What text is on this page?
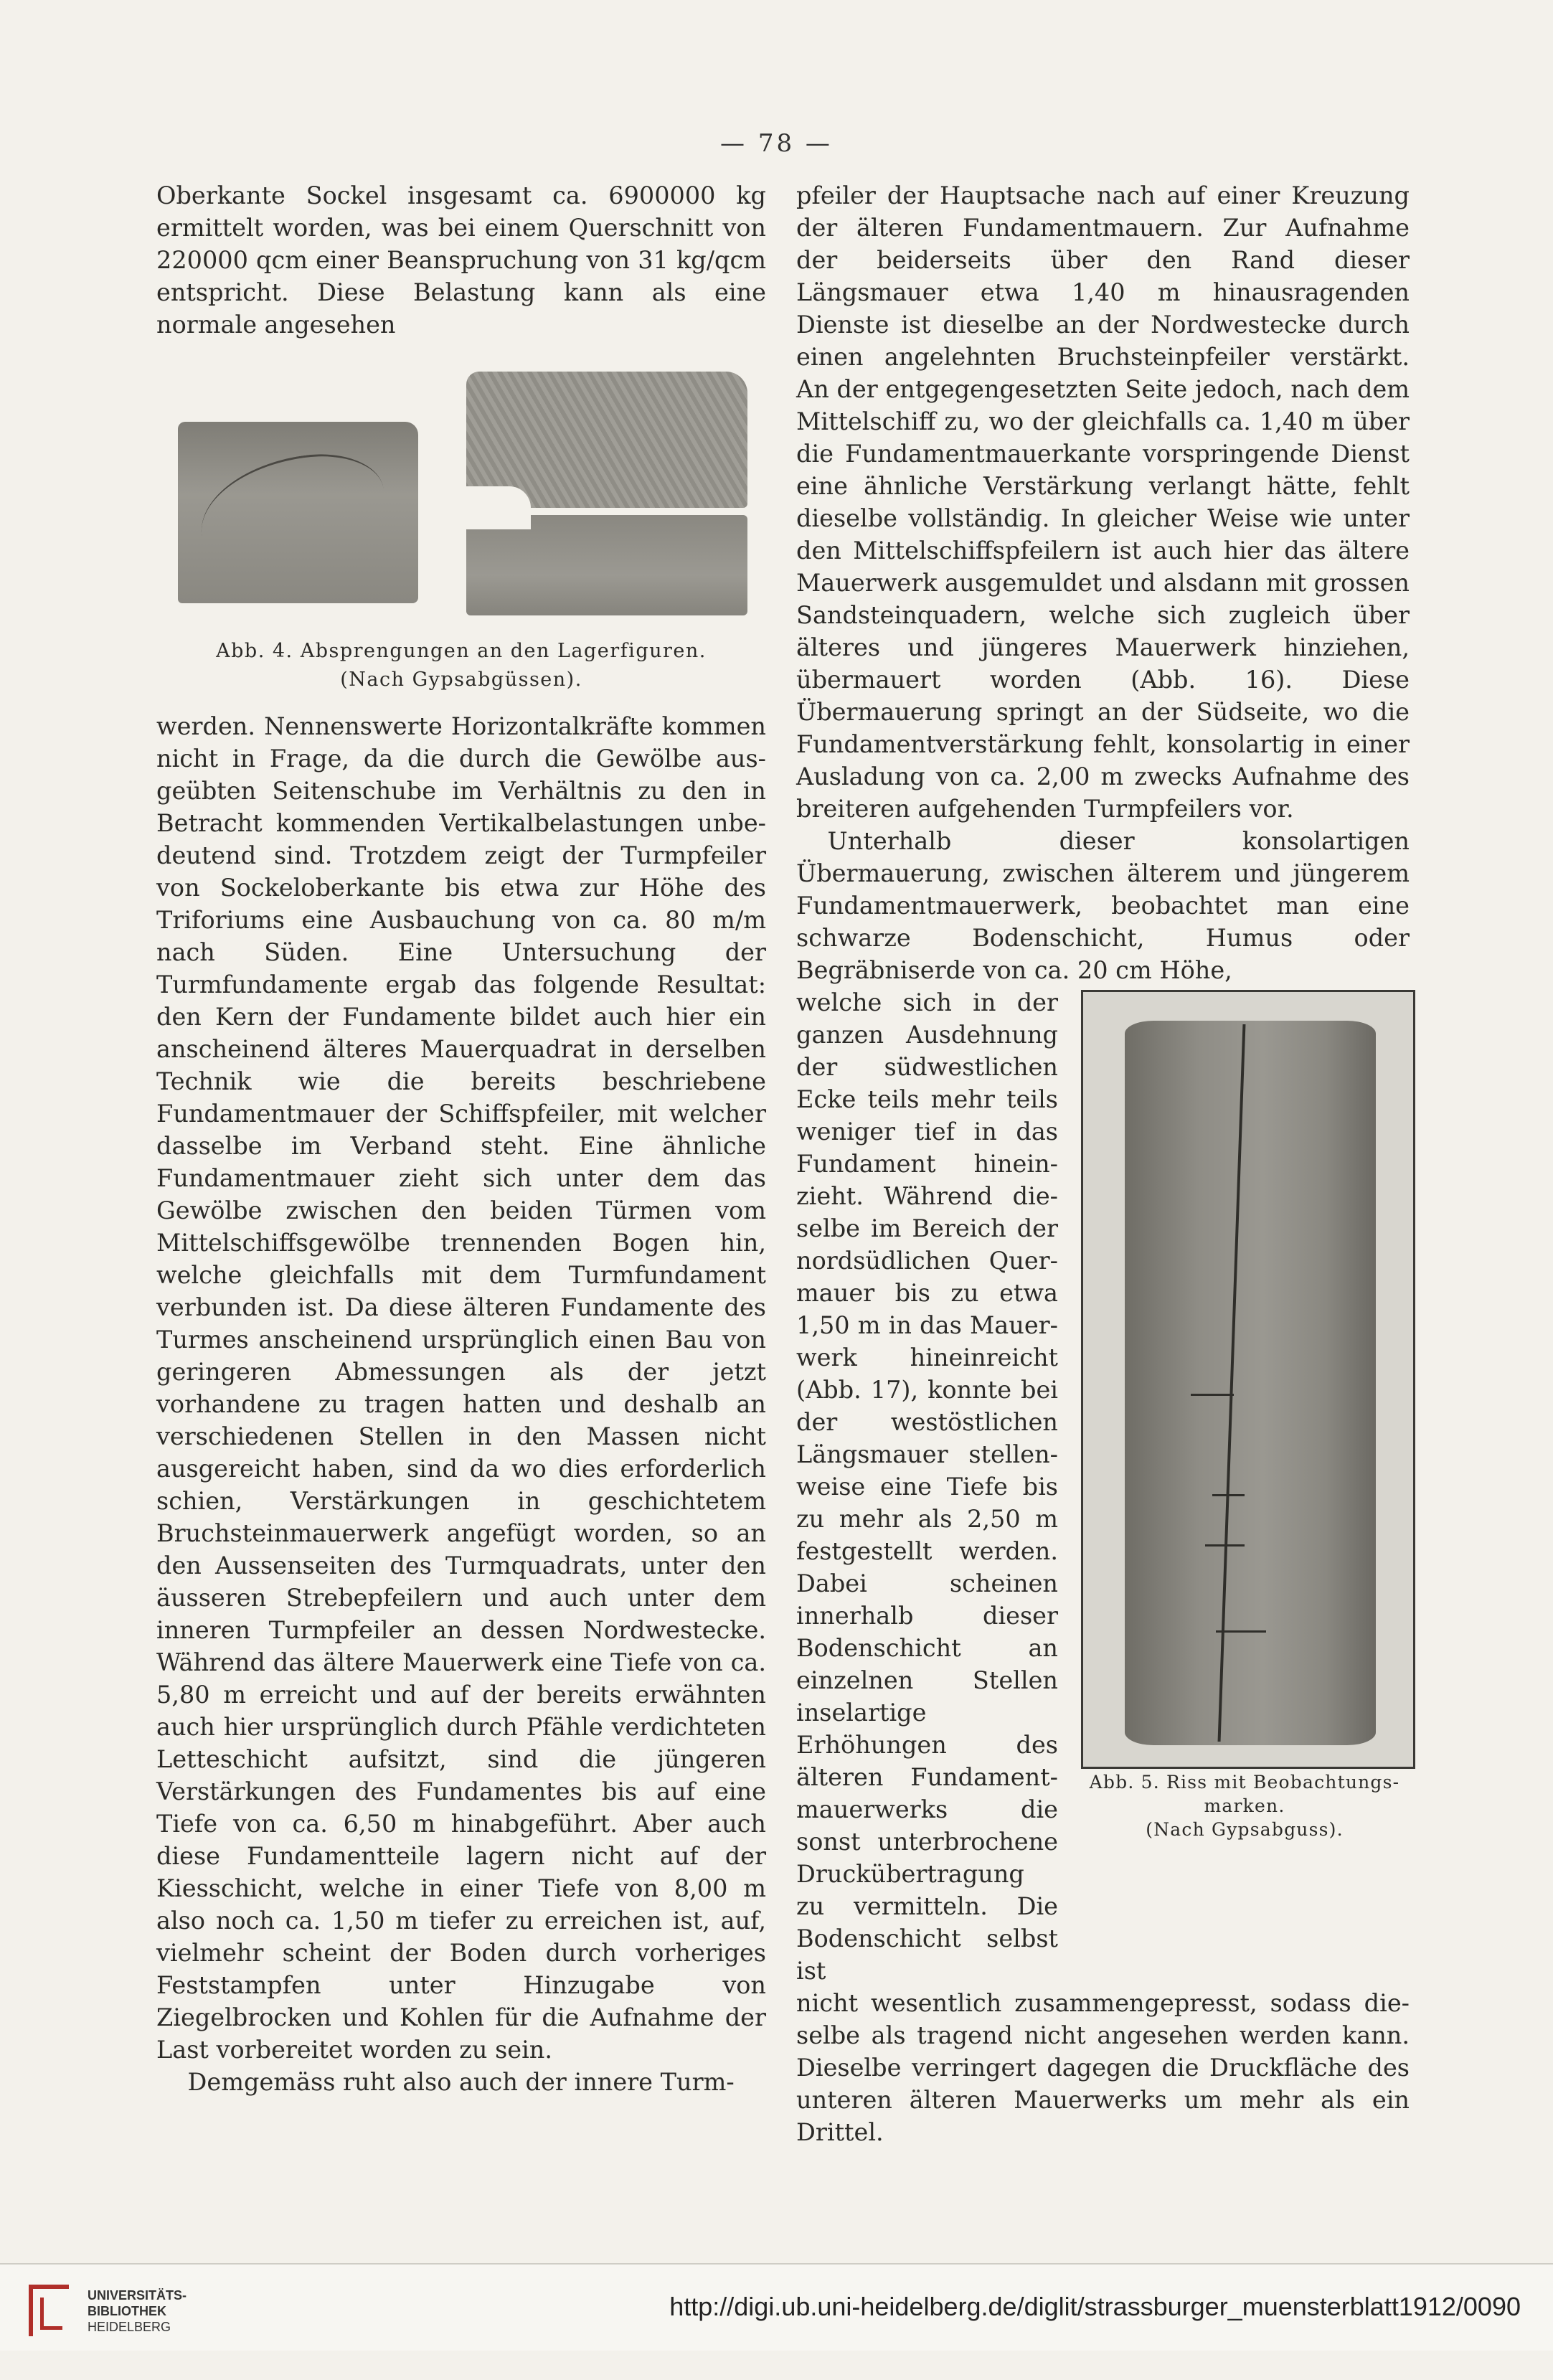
— 78 —

Oberkante Sockel insgesamt ca. 6900000 kg ermittelt worden, was bei einem Querschnitt von 220000 qcm einer Beanspruchung von 31 kg/qcm entspricht. Diese Belastung kann als eine normale angesehen

werden. Nennenswerte Horizontalkräfte kommen nicht in Frage, da die durch die Gewölbe ausgeübten Seitenschube im Verhältnis zu den in Betracht kommenden Vertikalbelastungen unbedeutend sind. Trotzdem zeigt der Turmpfeiler von Sockeloberkante bis etwa zur Höhe des Triforiums eine Ausbauchung von ca. 80 m/m nach Süden. Eine Untersuchung der Turmfundamente ergab das folgende Resultat: den Kern der Fundamente bildet auch hier ein anscheinend älteres Mauerquadrat in derselben Technik wie die bereits beschriebene Fundamentmauer der Schiffspfeiler, mit welcher dasselbe im Verband steht. Eine ähnliche Fundamentmauer zieht sich unter dem das Gewölbe zwischen den beiden Türmen vom Mittelschiffsgewölbe trennenden Bogen hin, welche gleichfalls mit dem Turmfundament verbunden ist. Da diese älteren Fundamente des Turmes anscheinend ursprünglich einen Bau von geringeren Abmessungen als der jetzt vorhandene zu tragen hatten und deshalb an verschiedenen Stellen in den Massen nicht ausgereicht haben, sind da wo dies erforderlich schien, Verstärkungen in geschichtetem Bruchsteinmauerwerk angefügt worden, so an den Aussenseiten des Turmquadrats, unter den äusseren Strebepfeilern und auch unter dem inneren Turmpfeiler an dessen Nordwestecke. Während das ältere Mauerwerk eine Tiefe von ca. 5,80 m erreicht und auf der bereits erwähnten auch hier ursprünglich durch Pfähle verdichteten Letteschicht aufsitzt, sind die jüngeren Verstärkungen des Fundamentes bis auf eine Tiefe von ca. 6,50 m hinabgeführt. Aber auch diese Fundamentteile lagern nicht auf der Kiesschicht, welche in einer Tiefe von 8,00 m also noch ca. 1,50 m tiefer zu erreichen ist, auf, vielmehr scheint der Boden durch vorheriges Feststampfen unter Hinzugabe von Ziegelbrocken und Kohlen für die Aufnahme der Last vorbereitet worden zu sein.

Demgemäss ruht also auch der innere Turm-

Abb. 4. Absprengungen an den Lagerfiguren.
(Nach Gypsabgüssen).

pfeiler der Hauptsache nach auf einer Kreuzung der älteren Fundamentmauern. Zur Aufnahme der beiderseits über den Rand dieser Längsmauer etwa 1,40 m hinausragenden Dienste ist dieselbe an der Nordwestecke durch einen angelehnten Bruchsteinpfeiler verstärkt. An der entgegengesetzten Seite jedoch, nach dem Mittelschiff zu, wo der gleichfalls ca. 1,40 m über die Fundamentmauerkante vorspringende Dienst eine ähnliche Verstärkung verlangt hätte, fehlt dieselbe vollständig. In gleicher Weise wie unter den Mittelschiffspfeilern ist auch hier das ältere Mauerwerk ausgemuldet und alsdann mit grossen Sandsteinquadern, welche sich zugleich über älteres und jüngeres Mauerwerk hinziehen, übermauert worden (Abb. 16). Diese Übermauerung springt an der Südseite, wo die Fundamentverstärkung fehlt, konsolartig in einer Ausladung von ca. 2,00 m zwecks Aufnahme des breiteren aufgehenden Turmpfeilers vor.

Unterhalb dieser konsolartigen Übermauerung, zwischen älterem und jüngerem Fundamentmauerwerk, beobachtet man eine schwarze Bodenschicht, Humus oder Begräbniserde von ca. 20 cm Höhe,

welche sich in der ganzen Ausdehnung der südwestlichen Ecke teils mehr teils weniger tief in das Fundament hineinzieht. Während dieselbe im Bereich der nordsüdlichen Quermauer bis zu etwa 1,50 m in das Mauerwerk hineinreicht (Abb. 17), konnte bei der westöstlichen Längsmauer stellenweise eine Tiefe bis zu mehr als 2,50 m festgestellt werden. Dabei scheinen innerhalb dieser Bodenschicht an einzelnen Stellen inselartige Erhöhungen des älteren Fundamentmauerwerks die sonst unterbrochene Druckübertragung zu vermitteln. Die Bodenschicht selbst ist

nicht wesentlich zusammengepresst, sodass dieselbe als tragend nicht angesehen werden kann. Dieselbe verringert dagegen die Druckfläche des unteren älteren Mauerwerks um mehr als ein Drittel.

Abb. 5. Riss mit Beobachtungs-
marken.
(Nach Gypsabguss).
UNIVERSITÄTS-
BIBLIOTHEK
HEIDELBERG
http://digi.ub.uni-heidelberg.de/diglit/strassburger_muensterblatt1912/0090
